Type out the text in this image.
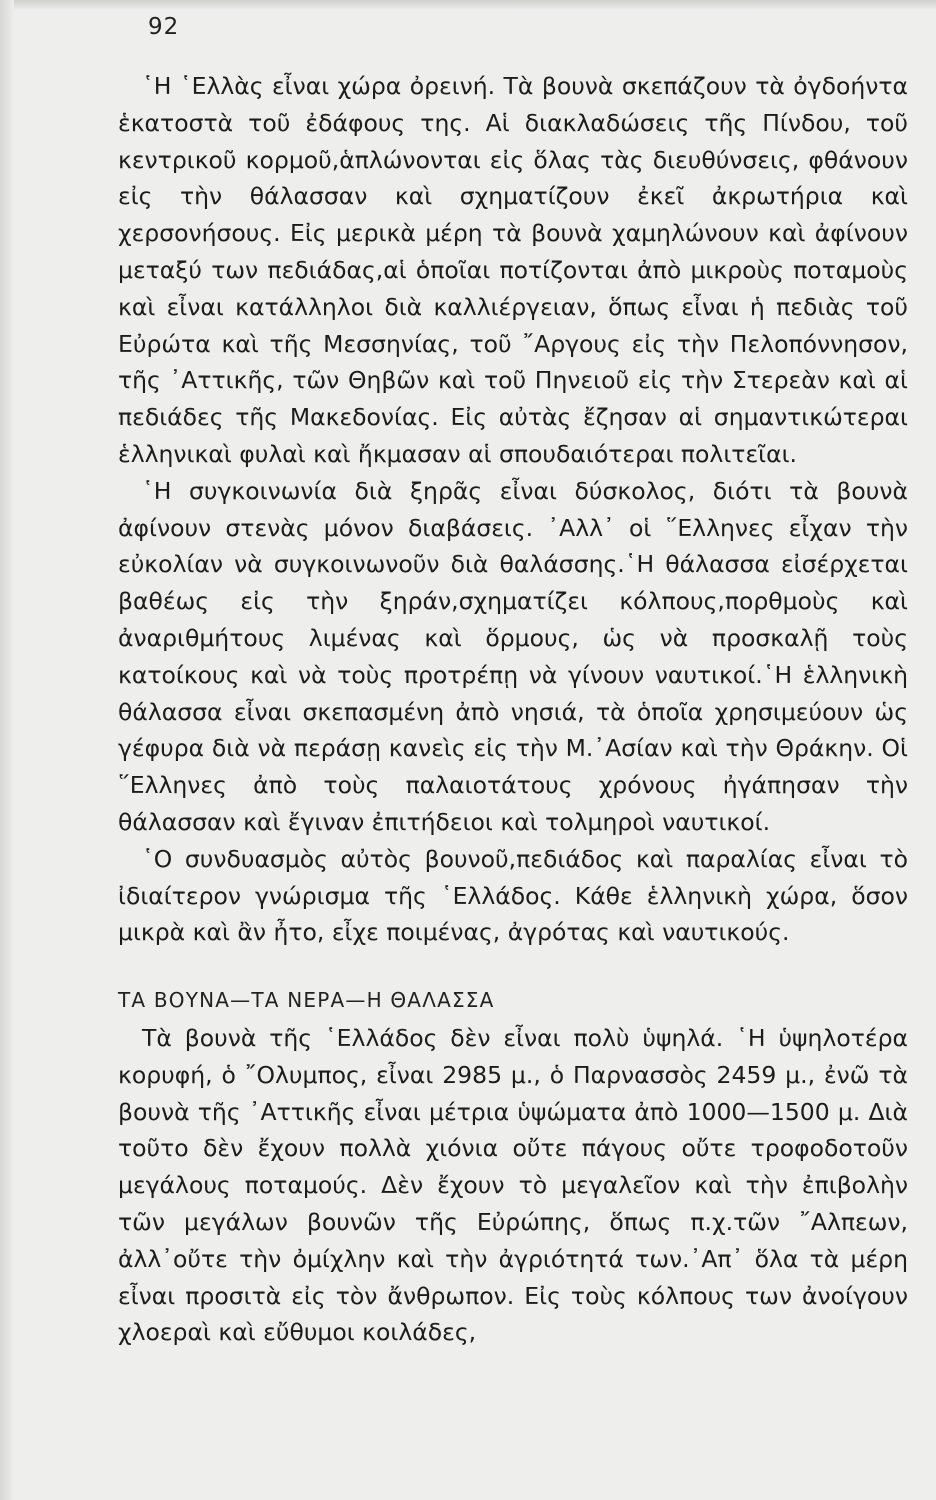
92

῾Η ῾Ελλὰς εἶναι χώρα ὀρεινή. Τὰ βουνὰ σκεπάζουν τὰ ὀγδοήντα ἑκατοστὰ τοῦ ἐδάφους της. Αἱ διακλαδώσεις τῆς Πίνδου, τοῦ κεντρικοῦ κορμοῦ,ἁπλώνονται εἰς ὅλας τὰς διευθύνσεις, φθάνουν εἰς τὴν θάλασσαν καὶ σχηματίζουν ἐκεῖ ἀκρωτήρια καὶ χερσονήσους. Εἰς μερικὰ μέρη τὰ βουνὰ χαμηλώνουν καὶ ἀφίνουν μεταξύ των πεδιάδας,αἱ ὁποῖαι ποτίζονται ἀπὸ μικροὺς ποταμοὺς καὶ εἶναι κατάλληλοι διὰ καλλιέργειαν, ὅπως εἶναι ἡ πεδιὰς τοῦ Εὐρώτα καὶ τῆς Μεσσηνίας, τοῦ ῎Αργους εἰς τὴν Πελοπόννησον, τῆς ᾿Αττικῆς, τῶν Θηβῶν καὶ τοῦ Πηνειοῦ εἰς τὴν Στερεὰν καὶ αἱ πεδιάδες τῆς Μακεδονίας. Εἰς αὐτὰς ἔζησαν αἱ σημαντικώτεραι ἑλληνικαὶ φυλαὶ καὶ ἤκμασαν αἱ σπουδαιότεραι πολιτεῖαι.

῾Η συγκοινωνία διὰ ξηρᾶς εἶναι δύσκολος, διότι τὰ βουνὰ ἀφίνουν στενὰς μόνον διαβάσεις. ᾿Αλλ᾿ οἱ ῞Ελληνες εἶχαν τὴν εὐκολίαν νὰ συγκοινωνοῦν διὰ θαλάσσης.῾Η θάλασσα εἰσέρχεται βαθέως εἰς τὴν ξηράν,σχηματίζει κόλπους,πορθμοὺς καὶ ἀναριθμήτους λιμένας καὶ ὅρμους, ὡς νὰ προσκαλῇ τοὺς κατοίκους καὶ νὰ τοὺς προτρέπῃ νὰ γίνουν ναυτικοί.῾Η ἑλληνικὴ θάλασσα εἶναι σκεπασμένη ἀπὸ νησιά, τὰ ὁποῖα χρησιμεύουν ὡς γέφυρα διὰ νὰ περάσῃ κανεὶς εἰς τὴν Μ.᾿Ασίαν καὶ τὴν Θράκην. Οἱ ῞Ελληνες ἀπὸ τοὺς παλαιοτάτους χρόνους ἠγάπησαν τὴν θάλασσαν καὶ ἔγιναν ἐπιτήδειοι καὶ τολμηροὶ ναυτικοί.

῾Ο συνδυασμὸς αὐτὸς βουνοῦ,πεδιάδος καὶ παραλίας εἶναι τὸ ἰδιαίτερον γνώρισμα τῆς ῾Ελλάδος. Κάθε ἑλληνικὴ χώρα, ὅσον μικρὰ καὶ ἂν ἦτο, εἶχε ποιμένας, ἀγρότας καὶ ναυτικούς.

ΤΑ ΒΟΥΝΑ—ΤΑ ΝΕΡΑ—Η ΘΑΛΑΣΣΑ

Τὰ βουνὰ τῆς ῾Ελλάδος δὲν εἶναι πολὺ ὑψηλά. ῾Η ὑψηλοτέρα κορυφή, ὁ ῎Ολυμπος, εἶναι 2985 μ., ὁ Παρνασσὸς 2459 μ., ἐνῶ τὰ βουνὰ τῆς ᾿Αττικῆς εἶναι μέτρια ὑψώματα ἀπὸ 1000—1500 μ. Διὰ τοῦτο δὲν ἔχουν πολλὰ χιόνια οὔτε πάγους οὔτε τροφοδοτοῦν μεγάλους ποταμούς. Δὲν ἔχουν τὸ μεγαλεῖον καὶ τὴν ἐπιβολὴν τῶν μεγάλων βουνῶν τῆς Εὐρώπης, ὅπως π.χ.τῶν ῎Αλπεων, ἀλλ᾿οὔτε τὴν ὀμίχλην καὶ τὴν ἀγριότητά των.᾿Απ᾿ ὅλα τὰ μέρη εἶναι προσιτὰ εἰς τὸν ἄνθρωπον. Εἰς τοὺς κόλπους των ἀνοίγουν χλοεραὶ καὶ εὔθυμοι κοιλάδες,
